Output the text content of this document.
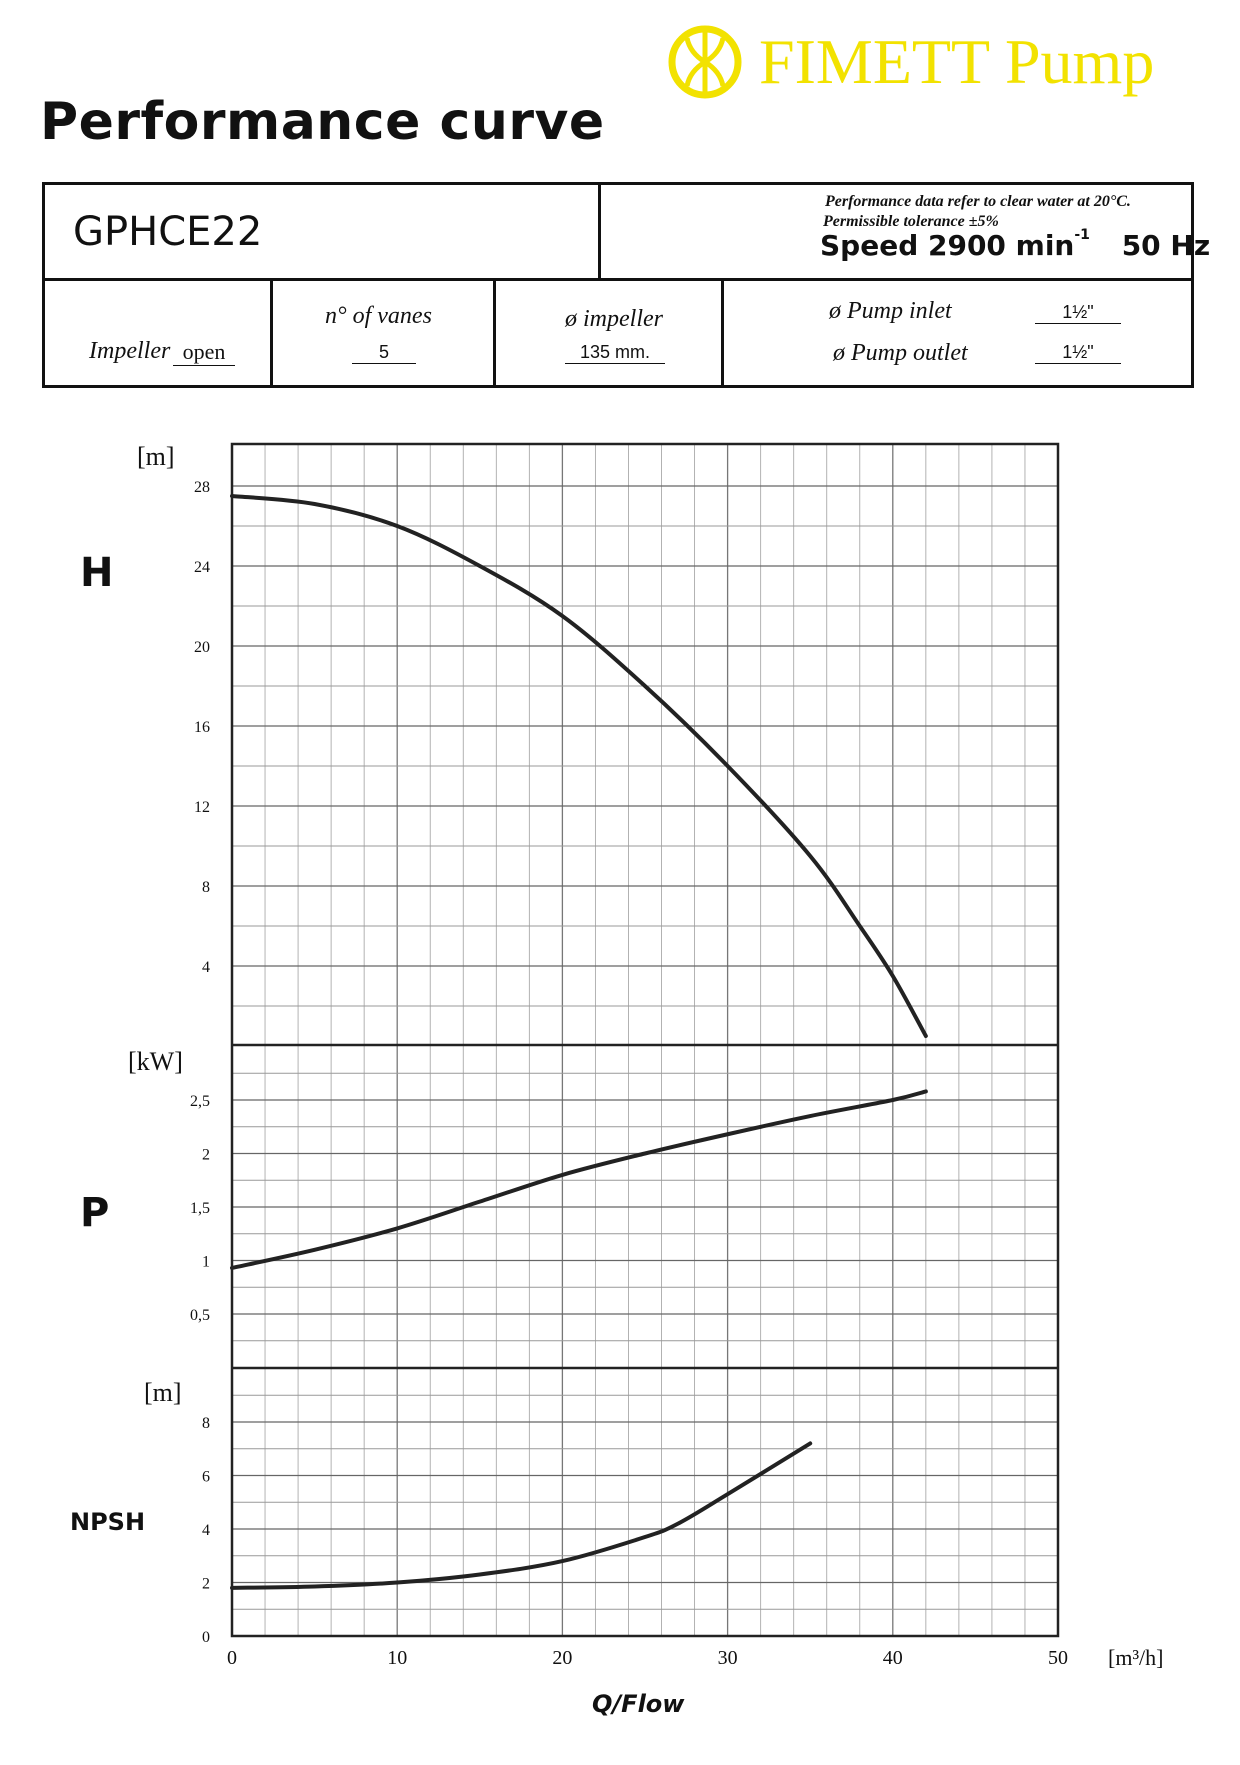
Performance curve
FIMETT Pump
GPHCE22
Performance data refer to clear water at 20°C.
Permissible tolerance ±5%
Speed 2900 $\min^{-1} 50$ Hz
Impeller open
n° of vanes
5
ø impeller
135 mm.
ø Pump inlet	1½"
ø Pump outlet	1½"
H
P
NPSH
[m]
[kW]
[m]
4
8
12
16
20
24
28
0,5
1
1,5
2
2,5
0
2
4
6
8
0	10	20	30	40	50 [m³/h]
Q/Flow
